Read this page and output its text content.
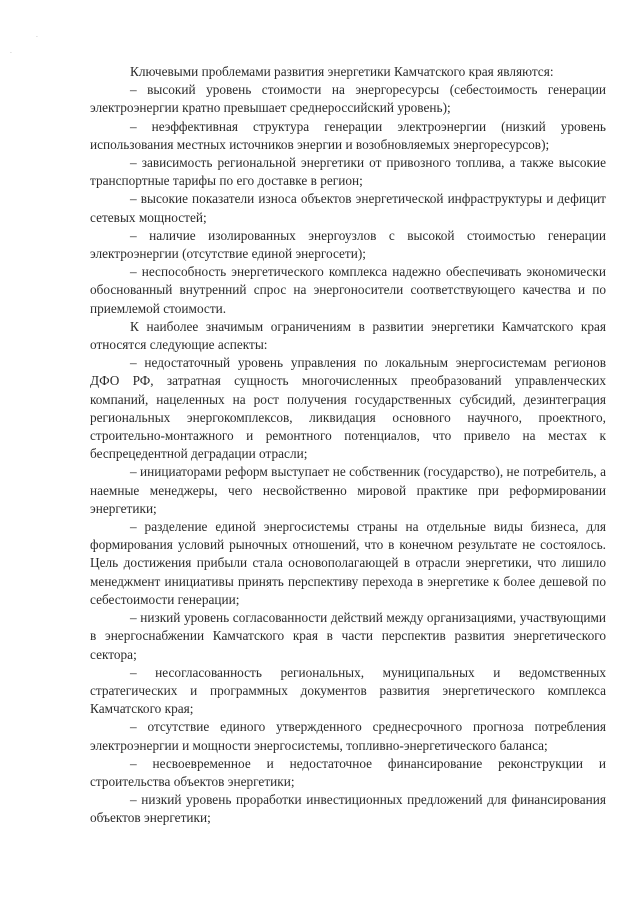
·
·

Ключевыми проблемами развития энергетики Камчатского края являются:

– высокий уровень стоимости на энергоресурсы (себестоимость генерации электроэнергии кратно превышает среднероссийский уровень);

– неэффективная структура генерации электроэнергии (низкий уровень использования местных источников энергии и возобновляемых энергоресурсов);

– зависимость региональной энергетики от привозного топлива, а также высокие транспортные тарифы по его доставке в регион;

– высокие показатели износа объектов энергетической инфраструктуры и дефицит сетевых мощностей;

– наличие изолированных энергоузлов с высокой стоимостью генерации электроэнергии (отсутствие единой энергосети);

– неспособность энергетического комплекса надежно обеспечивать экономически обоснованный внутренний спрос на энергоносители соответствующего качества и по приемлемой стоимости.

К наиболее значимым ограничениям в развитии энергетики Камчатского края относятся следующие аспекты:

– недостаточный уровень управления по локальным энергосистемам регионов ДФО РФ, затратная сущность многочисленных преобразований управленческих компаний, нацеленных на рост получения государственных субсидий, дезинтеграция региональных энергокомплексов, ликвидация основного научного, проектного, строительно-монтажного и ремонтного потенциалов, что привело на местах к беспрецедентной деградации отрасли;

– инициаторами реформ выступает не собственник (государство), не потребитель, а наемные менеджеры, чего несвойственно мировой практике при реформировании энергетики;

– разделение единой энергосистемы страны на отдельные виды бизнеса, для формирования условий рыночных отношений, что в конечном результате не состоялось. Цель достижения прибыли стала основополагающей в отрасли энергетики, что лишило менеджмент инициативы принять перспективу перехода в энергетике к более дешевой по себестоимости генерации;

– низкий уровень согласованности действий между организациями, участвующими в энергоснабжении Камчатского края в части перспектив развития энергетического сектора;

– несогласованность региональных, муниципальных и ведомственных стратегических и программных документов развития энергетического комплекса Камчатского края;

– отсутствие единого утвержденного среднесрочного прогноза потребления электроэнергии и мощности энергосистемы, топливно-энергетического баланса;

– несвоевременное и недостаточное финансирование реконструкции и строительства объектов энергетики;

– низкий уровень проработки инвестиционных предложений для финансирования объектов энергетики;
